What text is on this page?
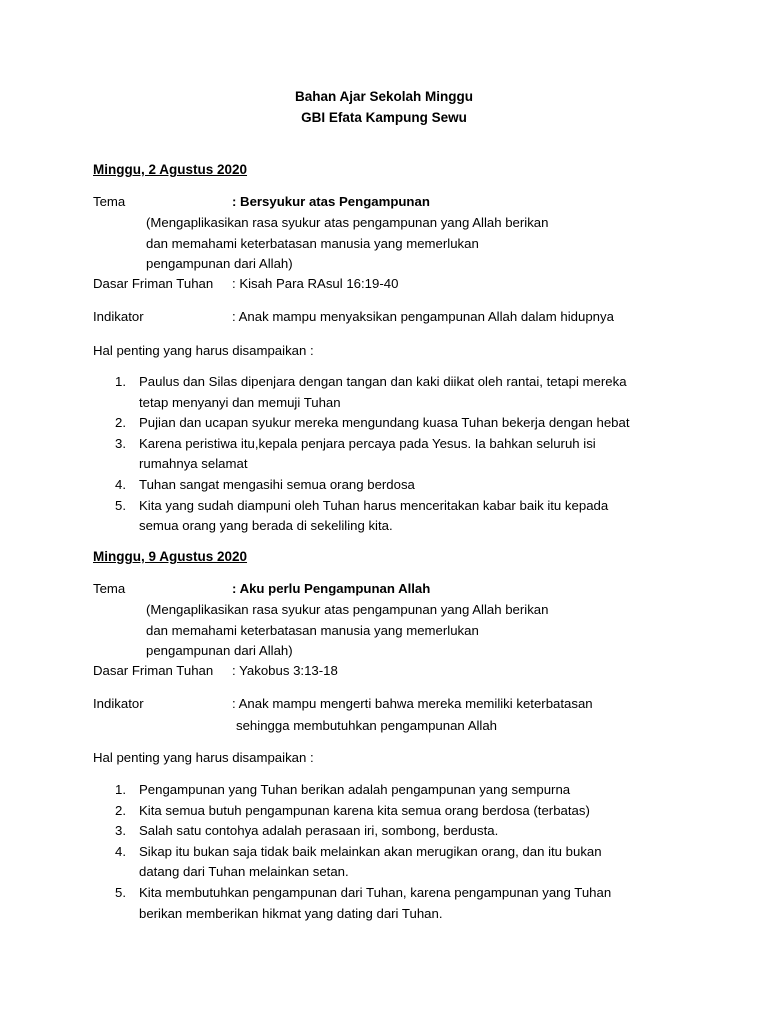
Bahan Ajar Sekolah Minggu
GBI Efata Kampung Sewu
Minggu, 2 Agustus 2020
Tema	: Bersyukur atas Pengampunan
(Mengaplikasikan rasa syukur atas pengampunan yang Allah berikan
dan memahami keterbatasan manusia yang memerlukan
pengampunan dari Allah)
Dasar Friman Tuhan : Kisah Para RAsul 16:19-40
Indikator	: Anak mampu menyaksikan pengampunan Allah dalam hidupnya
Hal penting yang harus disampaikan :
1. Paulus dan Silas dipenjara dengan tangan dan kaki diikat oleh rantai, tetapi mereka
tetap menyanyi dan memuji Tuhan
2. Pujian dan ucapan syukur mereka mengundang kuasa Tuhan bekerja dengan hebat
3. Karena peristiwa itu,kepala penjara percaya pada Yesus. Ia bahkan seluruh isi
rumahnya selamat
4. Tuhan sangat mengasihi semua orang berdosa
5. Kita yang sudah diampuni oleh Tuhan harus menceritakan kabar baik itu kepada
semua orang yang berada di sekeliling kita.
Minggu, 9 Agustus 2020
Tema	: Aku perlu Pengampunan Allah
(Mengaplikasikan rasa syukur atas pengampunan yang Allah berikan
dan memahami keterbatasan manusia yang memerlukan
pengampunan dari Allah)
Dasar Friman Tuhan : Yakobus 3:13-18
Indikator	: Anak mampu mengerti bahwa mereka memiliki keterbatasan
sehingga membutuhkan pengampunan Allah
Hal penting yang harus disampaikan :
1. Pengampunan yang Tuhan berikan adalah pengampunan yang sempurna
2. Kita semua butuh pengampunan karena kita semua orang berdosa (terbatas)
3. Salah satu contohya adalah perasaan iri, sombong, berdusta.
4. Sikap itu bukan saja tidak baik melainkan akan merugikan orang, dan itu bukan
datang dari Tuhan melainkan setan.
5. Kita membutuhkan pengampunan dari Tuhan, karena pengampunan yang Tuhan
berikan memberikan hikmat yang dating dari Tuhan.
